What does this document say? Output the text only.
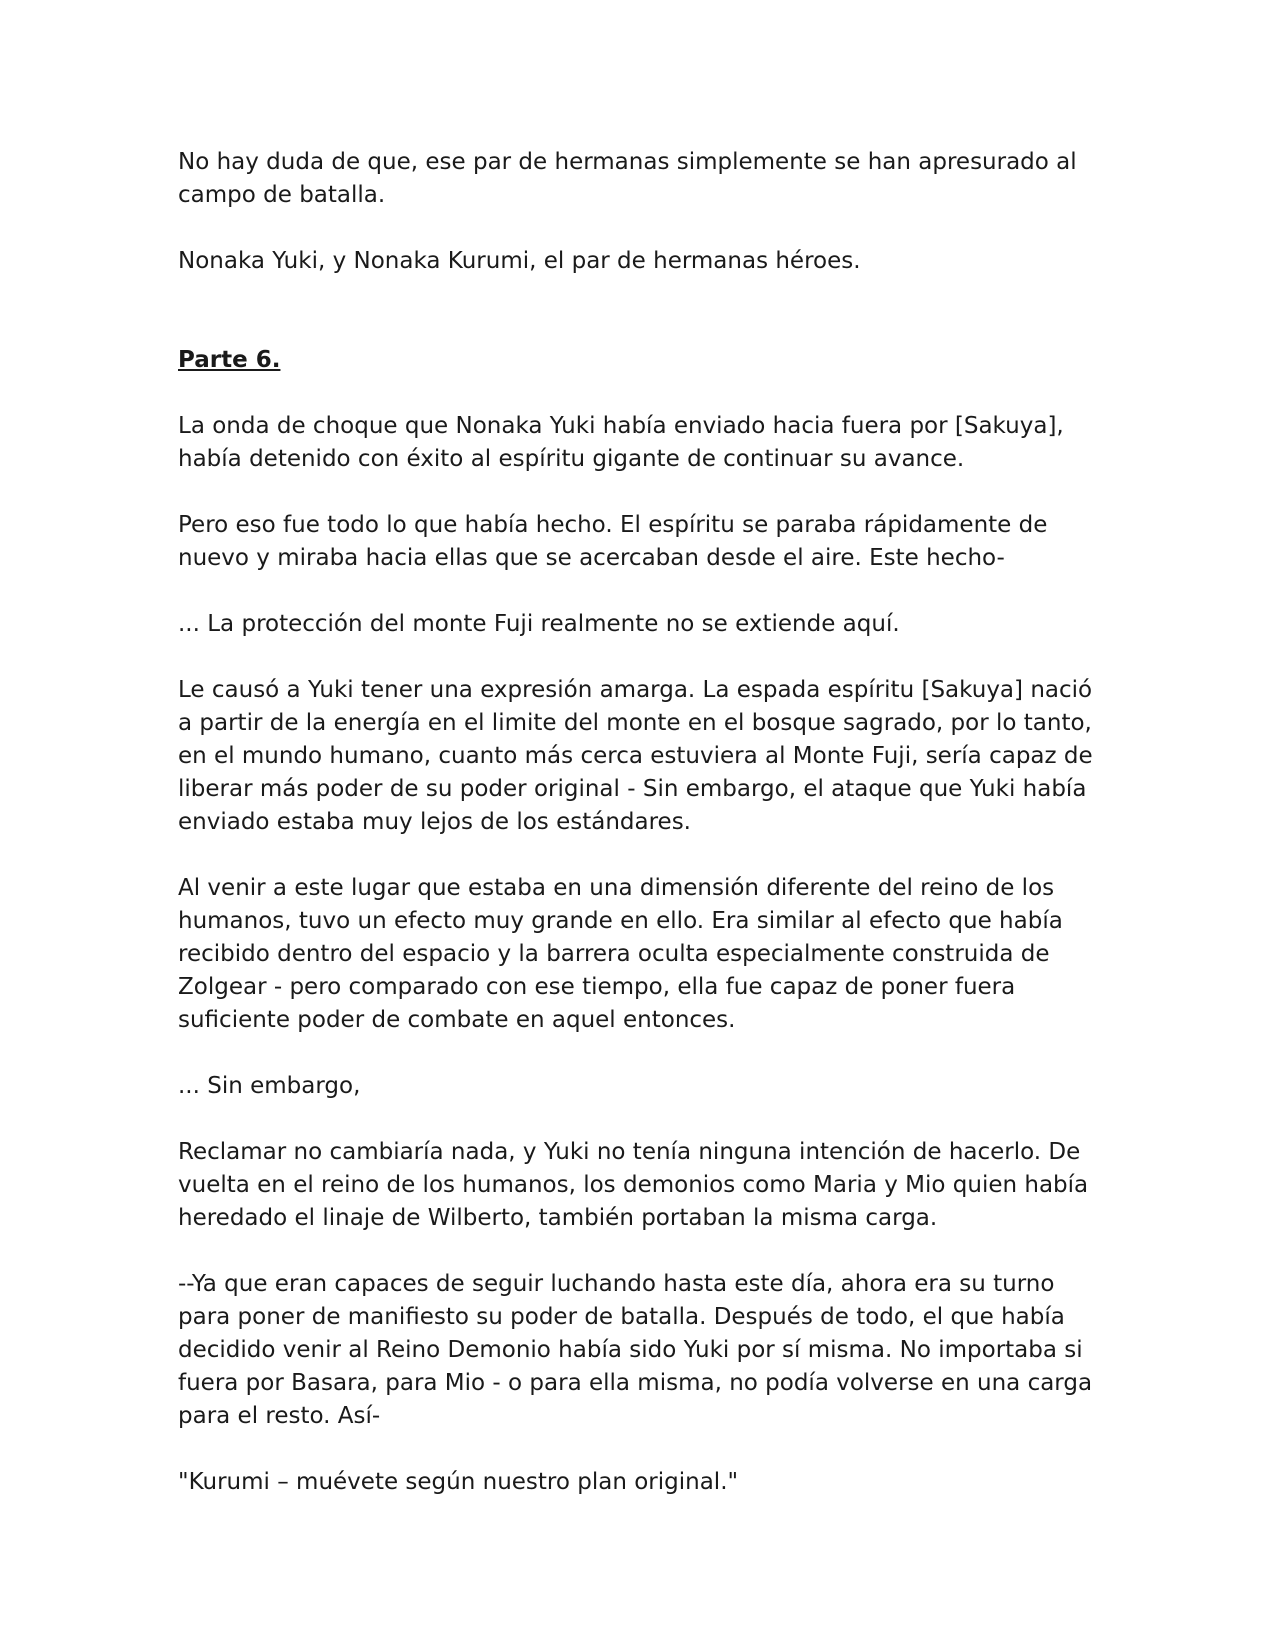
No hay duda de que, ese par de hermanas simplemente se han apresurado al campo de batalla.

Nonaka Yuki, y Nonaka Kurumi, el par de hermanas héroes.

Parte 6.

La onda de choque que Nonaka Yuki había enviado hacia fuera por [Sakuya], había detenido con éxito al espíritu gigante de continuar su avance.

Pero eso fue todo lo que había hecho. El espíritu se paraba rápidamente de nuevo y miraba hacia ellas que se acercaban desde el aire. Este hecho-

... La protección del monte Fuji realmente no se extiende aquí.

Le causó a Yuki tener una expresión amarga. La espada espíritu [Sakuya] nació a partir de la energía en el limite del monte en el bosque sagrado, por lo tanto, en el mundo humano, cuanto más cerca estuviera al Monte Fuji, sería capaz de liberar más poder de su poder original - Sin embargo, el ataque que Yuki había enviado estaba muy lejos de los estándares.

Al venir a este lugar que estaba en una dimensión diferente del reino de los humanos, tuvo un efecto muy grande en ello. Era similar al efecto que había recibido dentro del espacio y la barrera oculta especialmente construida de Zolgear - pero comparado con ese tiempo, ella fue capaz de poner fuera suficiente poder de combate en aquel entonces.

... Sin embargo,

Reclamar no cambiaría nada, y Yuki no tenía ninguna intención de hacerlo. De vuelta en el reino de los humanos, los demonios como Maria y Mio quien había heredado el linaje de Wilberto, también portaban la misma carga.

--Ya que eran capaces de seguir luchando hasta este día, ahora era su turno para poner de manifiesto su poder de batalla. Después de todo, el que había decidido venir al Reino Demonio había sido Yuki por sí misma. No importaba si fuera por Basara, para Mio - o para ella misma, no podía volverse en una carga para el resto. Así-

"Kurumi – muévete según nuestro plan original."
